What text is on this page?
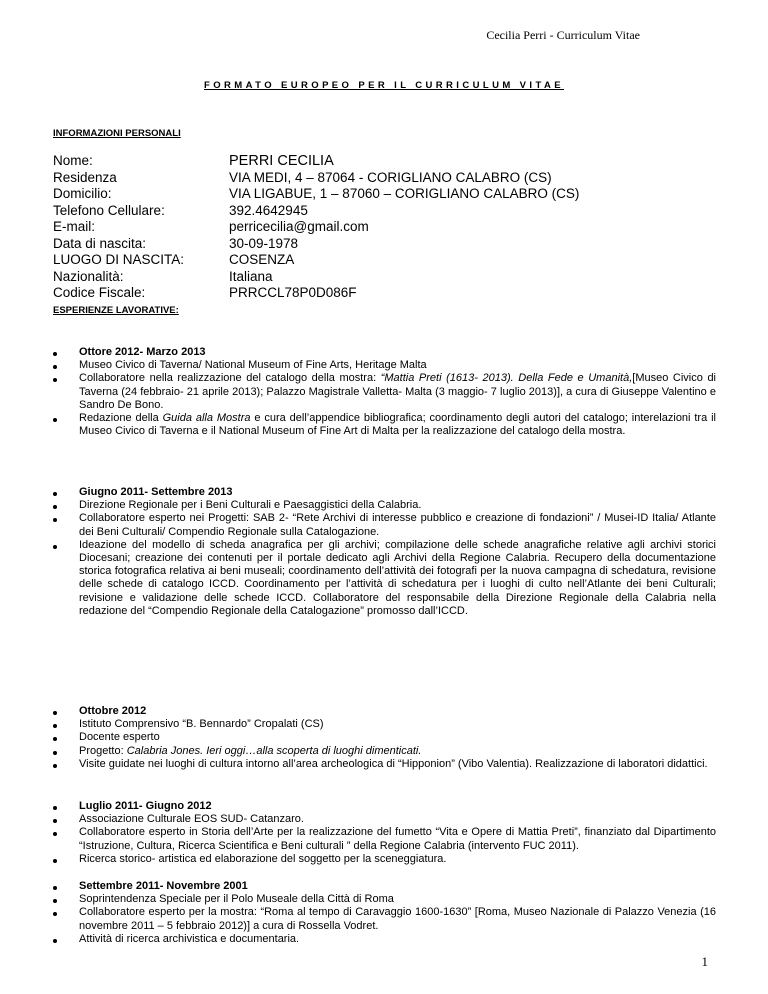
Cecilia Perri - Curriculum Vitae
FORMATO EUROPEO PER IL CURRICULUM VITAE
INFORMAZIONI PERSONALI
Nome:	PERRI CECILIA
Residenza	VIA MEDI, 4 – 87064 - CORIGLIANO CALABRO (CS)
Domicilio:	VIA LIGABUE, 1 – 87060 – CORIGLIANO CALABRO (CS)
Telefono Cellulare:	392.4642945
E-mail:	perricecilia@gmail.com
Data di nascita:	30-09-1978
LUOGO DI NASCITA:	COSENZA
Nazionalità:	Italiana
Codice Fiscale:	PRRCCL78P0D086F
ESPERIENZE LAVORATIVE:
Ottore 2012- Marzo 2013
Museo Civico di Taverna/ National Museum of Fine Arts, Heritage Malta
Collaboratore nella realizzazione del catalogo della mostra: “Mattia Preti (1613- 2013). Della Fede e Umanità,[Museo Civico di Taverna (24 febbraio- 21 aprile 2013); Palazzo Magistrale Valletta- Malta (3 maggio- 7 luglio 2013)], a cura di Giuseppe Valentino e Sandro De Bono.
Redazione della Guida alla Mostra e cura dell’appendice bibliografica; coordinamento degli autori del catalogo; interelazioni tra il Museo Civico di Taverna e il National Museum of Fine Art di Malta per la realizzazione del catalogo della mostra.
Giugno 2011- Settembre 2013
Direzione Regionale per i Beni Culturali e Paesaggistici della Calabria.
Collaboratore esperto nei Progetti: SAB 2- “Rete Archivi di interesse pubblico e creazione di fondazioni” / Musei-ID Italia/ Atlante dei Beni Culturali/ Compendio Regionale sulla Catalogazione.
Ideazione del modello di scheda anagrafica per gli archivi; compilazione delle schede anagrafiche relative agli archivi storici Diocesani; creazione dei contenuti per il portale dedicato agli Archivi della Regione Calabria. Recupero della documentazione storica fotografica relativa ai beni museali; coordinamento dell’attività dei fotografi per la nuova campagna di schedatura, revisione delle schede di catalogo ICCD. Coordinamento per l’attività di schedatura per i luoghi di culto nell’Atlante dei beni Culturali; revisione e validazione delle schede ICCD. Collaboratore del responsabile della Direzione Regionale della Calabria nella redazione del “Compendio Regionale della Catalogazione” promosso dall’ICCD.
Ottobre 2012
Istituto Comprensivo “B. Bennardo” Cropalati (CS)
Docente esperto
Progetto: Calabria Jones. Ieri oggi…alla scoperta di luoghi dimenticati.
Visite guidate nei luoghi di cultura intorno all’area archeologica di “Hipponion” (Vibo Valentia). Realizzazione di laboratori didattici.
Luglio 2011- Giugno 2012
Associazione Culturale EOS SUD- Catanzaro.
Collaboratore esperto in Storia dell’Arte per la realizzazione del fumetto “Vita e Opere di Mattia Preti”, finanziato dal Dipartimento “Istruzione, Cultura, Ricerca Scientifica e Beni culturali ” della Regione Calabria (intervento FUC 2011).
Ricerca storico- artistica ed elaborazione del soggetto per la sceneggiatura.
Settembre 2011- Novembre 2001
Soprintendenza Speciale per il Polo Museale della Città di Roma
Collaboratore esperto per la mostra: “Roma al tempo di Caravaggio 1600-1630” [Roma, Museo Nazionale di Palazzo Venezia (16 novembre 2011 – 5 febbraio 2012)] a cura di Rossella Vodret.
Attività di ricerca archivistica e documentaria.
1
